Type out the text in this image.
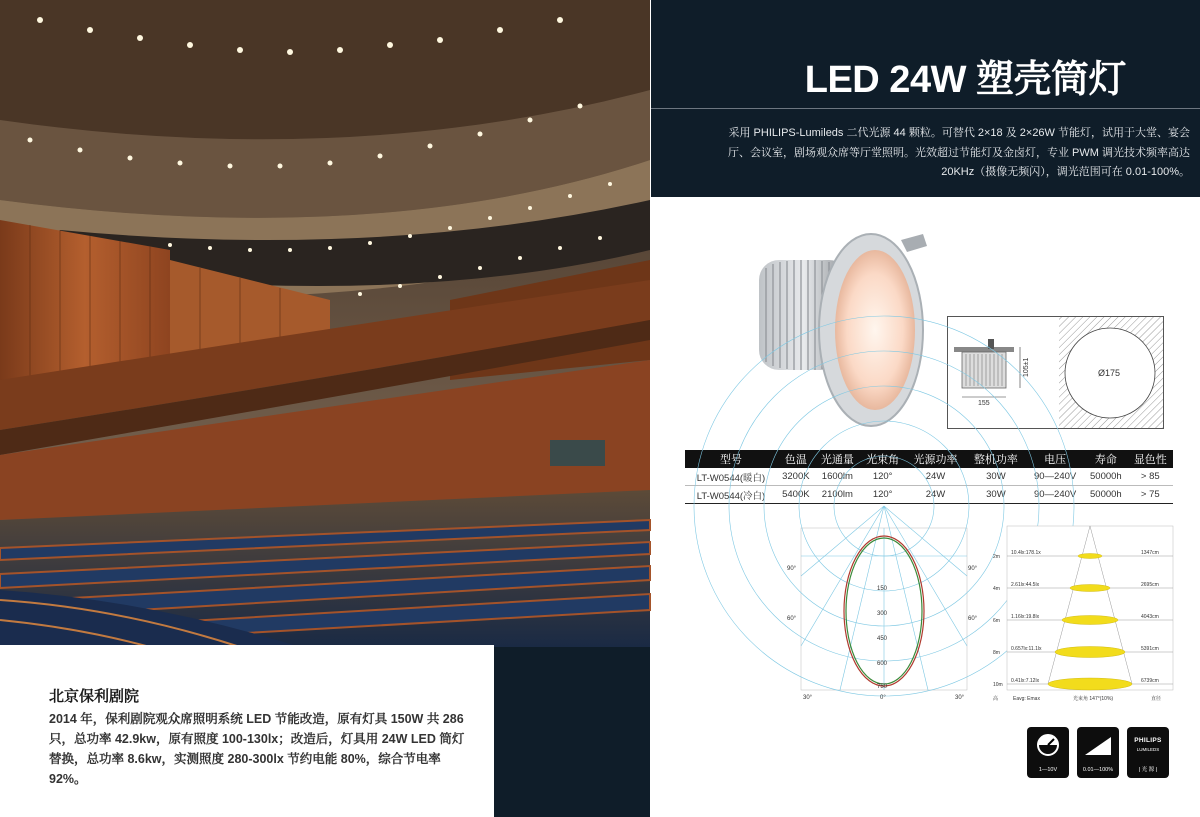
北京保利剧院
2014 年，保利剧院观众席照明系统 LED 节能改造，原有灯具 150W 共 286 只，总功率 42.9kw，原有照度 100-130lx；改造后，灯具用 24W LED 筒灯替换，总功率 8.6kw，实测照度 280-300lx 节约电能 80%，综合节电率 92%。
LED 24W 塑壳筒灯
采用 PHILIPS-Lumileds 二代光源 44 颗粒。可替代 2×18 及 2×26W 节能灯，试用于大堂、宴会厅、会议室，剧场观众席等厅堂照明。光效超过节能灯及金卤灯，专业 PWM 调光技术频率高达 20KHz（摄像无频闪），调光范围可在 0.01-100%。
155
105±1	Ø175
型号	色温	光通量	光束角	光源功率	整机功率	电压	寿命	显色性
LT-W0544(暖白)	3200K	1600lm	120°	24W	30W	90—240V	50000h	> 85
LT-W0544(冷白)	5400K	2100lm	120°	24W	30W	90—240V	50000h	> 75
150
300
450
600
750
90°
60°
30°
90°
60°
30°
0°
2m
10.4lx:178.1x	1347cm
4m
2.61lx:44.5lx	2695cm
6m
1.16lx:19.8lx	4043cm
8m
0.657lx:11.1lx	5391cm
10m
0.41lx:7.12lx	6739cm
高	Eavg: Emax	光束角 147°(10%)	直径
1—10V	0.01—100%
PHILIPS
LUMILEDS
| 光 源 |
